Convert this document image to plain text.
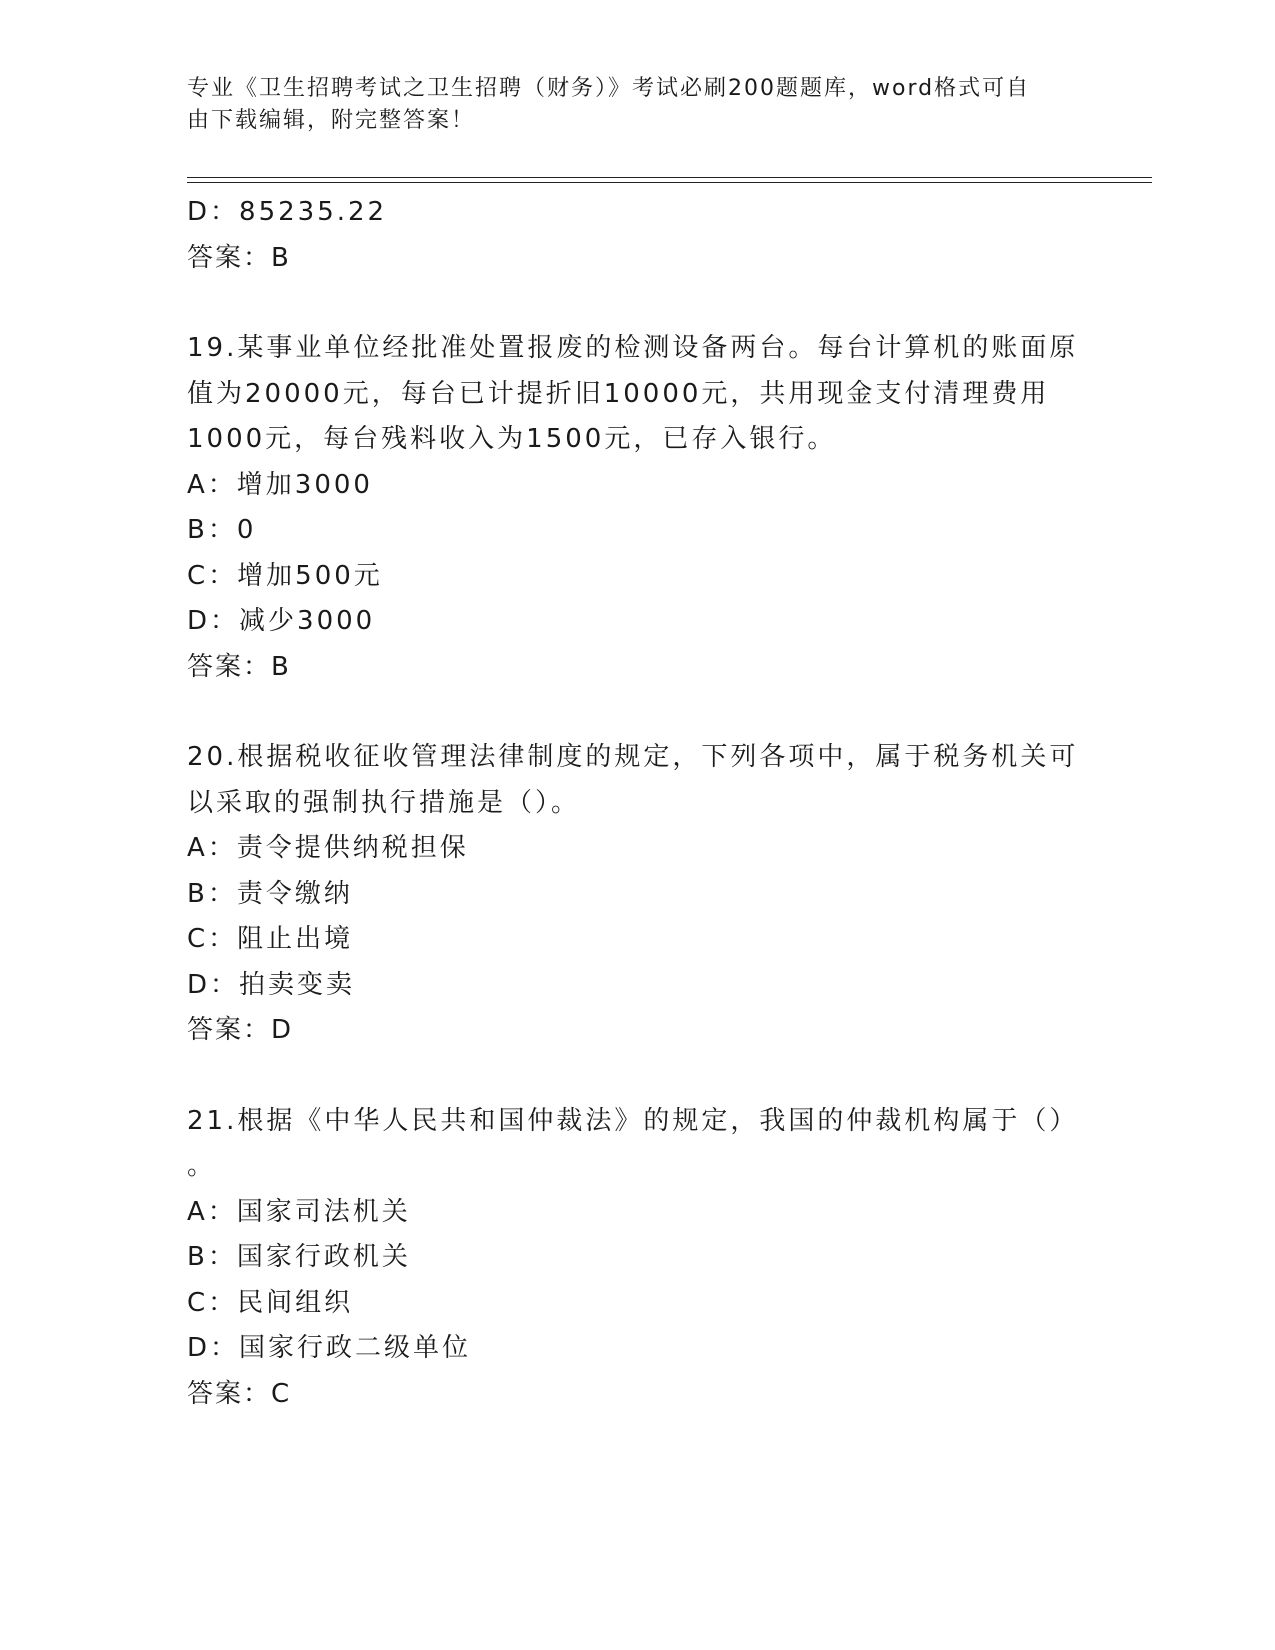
专业《卫生招聘考试之卫生招聘（财务）》考试必刷200题题库，word格式可自
由下载编辑，附完整答案！
D：85235.22
答案：B
19.某事业单位经批准处置报废的检测设备两台。每台计算机的账面原
值为20000元，每台已计提折旧10000元，共用现金支付清理费用
1000元，每台残料收入为1500元，已存入银行。
A：增加3000
B：0
C：增加500元
D：减少3000
答案：B
20.根据税收征收管理法律制度的规定，下列各项中，属于税务机关可
以采取的强制执行措施是（）。
A：责令提供纳税担保
B：责令缴纳
C：阻止出境
D：拍卖变卖
答案：D
21.根据《中华人民共和国仲裁法》的规定，我国的仲裁机构属于（）
。
A：国家司法机关
B：国家行政机关
C：民间组织
D：国家行政二级单位
答案：C
